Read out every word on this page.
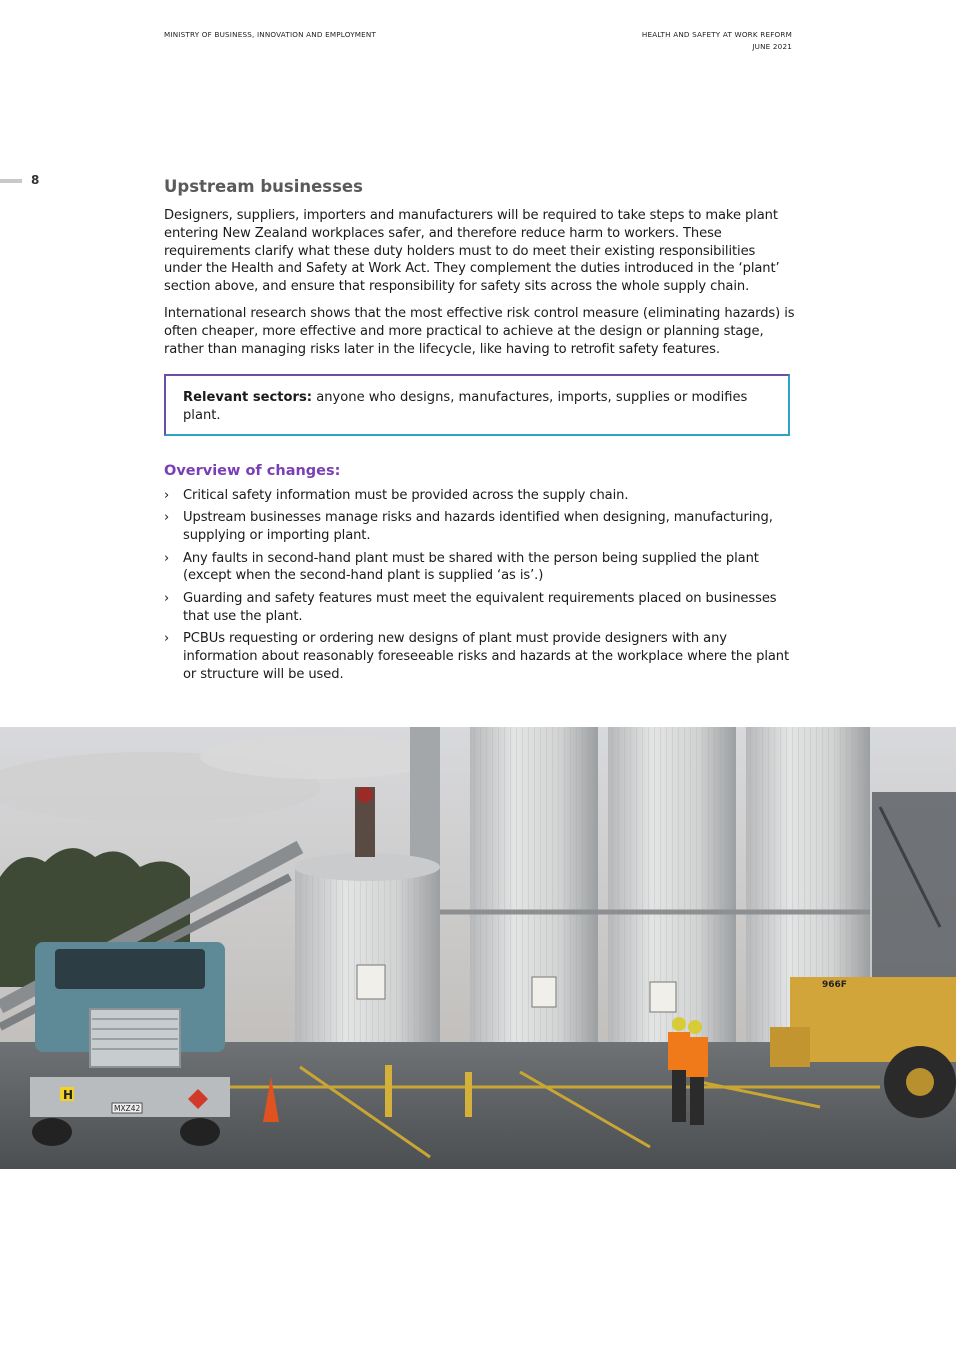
MINISTRY OF BUSINESS, INNOVATION AND EMPLOYMENT	HEALTH AND SAFETY AT WORK REFORM
JUNE 2021
8	Upstream businesses

Designers, suppliers, importers and manufacturers will be required to take steps to make plant entering New Zealand workplaces safer, and therefore reduce harm to workers. These requirements clarify what these duty holders must to do meet their existing responsibilities under the Health and Safety at Work Act. They complement the duties introduced in the ‘plant’ section above, and ensure that responsibility for safety sits across the whole supply chain.

International research shows that the most effective risk control measure (eliminating hazards) is often cheaper, more effective and more practical to achieve at the design or planning stage, rather than managing risks later in the lifecycle, like having to retrofit safety features.

Relevant sectors: anyone who designs, manufactures, imports, supplies or modifies plant.
Overview of changes:
› Critical safety information must be provided across the supply chain.
› Upstream businesses manage risks and hazards identified when designing, manufacturing, supplying or importing plant.
› Any faults in second-hand plant must be shared with the person being supplied the plant (except when the second-hand plant is supplied ‘as is’.)
› Guarding and safety features must meet the equivalent requirements placed on businesses that use the plant.
› PCBUs requesting or ordering new designs of plant must provide designers with any information about reasonably foreseeable risks and hazards at the workplace where the plant or structure will be used.
H
MXZ42
966F
